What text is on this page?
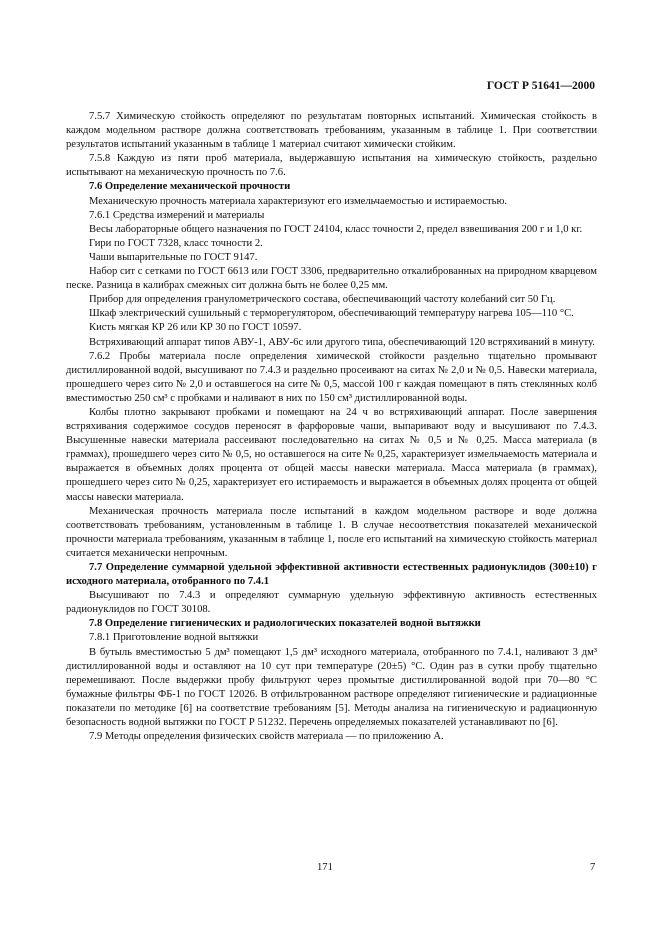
ГОСТ Р 51641—2000

7.5.7 Химическую стойкость определяют по результатам повторных испытаний. Химическая стойкость в каждом модельном растворе должна соответствовать требованиям, указанным в таблице 1. При соответствии результатов испытаний указанным в таблице 1 материал считают химически стойким.

7.5.8 Каждую из пяти проб материала, выдержавшую испытания на химическую стойкость, раздельно испытывают на механическую прочность по 7.6.

7.6 Определение механической прочности

Механическую прочность материала характеризуют его измельчаемостью и истираемостью.

7.6.1 Средства измерений и материалы

Весы лабораторные общего назначения по ГОСТ 24104, класс точности 2, предел взвешивания 200 г и 1,0 кг.

Гири по ГОСТ 7328, класс точности 2.

Чаши выпарительные по ГОСТ 9147.

Набор сит с сетками по ГОСТ 6613 или ГОСТ 3306, предварительно откалиброванных на природном кварцевом песке. Разница в калибрах смежных сит должна быть не более 0,25 мм.

Прибор для определения гранулометрического состава, обеспечивающий частоту колебаний сит 50 Гц.

Шкаф электрический сушильный с терморегулятором, обеспечивающий температуру нагрева 105—110 °С.

Кисть мягкая КР 26 или КР 30 по ГОСТ 10597.

Встряхивающий аппарат типов АВУ-1, АВУ-6с или другого типа, обеспечивающий 120 встряхиваний в минуту.

7.6.2 Пробы материала после определения химической стойкости раздельно тщательно промывают дистиллированной водой, высушивают по 7.4.3 и раздельно просеивают на ситах № 2,0 и № 0,5. Навески материала, прошедшего через сито № 2,0 и оставшегося на сите № 0,5, массой 100 г каждая помещают в пять стеклянных колб вместимостью 250 см³ с пробками и наливают в них по 150 см³ дистиллированной воды.

Колбы плотно закрывают пробками и помещают на 24 ч во встряхивающий аппарат. После завершения встряхивания содержимое сосудов переносят в фарфоровые чаши, выпаривают воду и высушивают по 7.4.3. Высушенные навески материала рассеивают последовательно на ситах № 0,5 и № 0,25. Масса материала (в граммах), прошедшего через сито № 0,5, но оставшегося на сите № 0,25, характеризует измельчаемость материала и выражается в объемных долях процента от общей массы навески материала. Масса материала (в граммах), прошедшего через сито № 0,25, характеризует его истираемость и выражается в объемных долях процента от общей массы навески материала.

Механическая прочность материала после испытаний в каждом модельном растворе и воде должна соответствовать требованиям, установленным в таблице 1. В случае несоответствия показателей механической прочности материала требованиям, указанным в таблице 1, после его испытаний на химическую стойкость материал считается механически непрочным.

7.7 Определение суммарной удельной эффективной активности естественных радионуклидов (300±10) г исходного материала, отобранного по 7.4.1

Высушивают по 7.4.3 и определяют суммарную удельную эффективную активность естественных радионуклидов по ГОСТ 30108.

7.8 Определение гигиенических и радиологических показателей водной вытяжки

7.8.1 Приготовление водной вытяжки

В бутыль вместимостью 5 дм³ помещают 1,5 дм³ исходного материала, отобранного по 7.4.1, наливают 3 дм³ дистиллированной воды и оставляют на 10 сут при температуре (20±5) °С. Один раз в сутки пробу тщательно перемешивают. После выдержки пробу фильтруют через промытые дистиллированной водой при 70—80 °С бумажные фильтры ФБ-1 по ГОСТ 12026. В отфильтрованном растворе определяют гигиенические и радиационные показатели по методике [6] на соответствие требованиям [5]. Методы анализа на гигиеническую и радиационную безопасность водной вытяжки по ГОСТ Р 51232. Перечень определяемых показателей устанавливают по [6].

7.9 Методы определения физических свойств материала — по приложению А.

171	7
